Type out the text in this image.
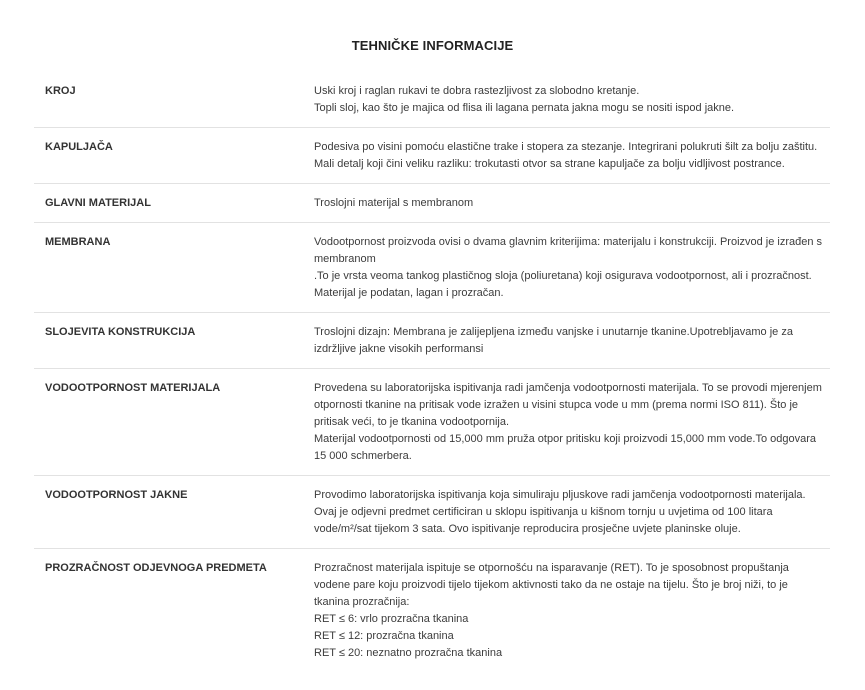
TEHNIČKE INFORMACIJE
KROJ	Uski kroj i raglan rukavi te dobra rastezljivost za slobodno kretanje.
Topli sloj, kao što je majica od flisa ili lagana pernata jakna mogu se nositi ispod jakne.
KAPULJAČA	Podesiva po visini pomoću elastične trake i stopera za stezanje. Integrirani polukruti šilt za bolju zaštitu.
Mali detalj koji čini veliku razliku: trokutasti otvor sa strane kapuljače za bolju vidljivost postrance.
GLAVNI MATERIJAL	Troslojni materijal s membranom
MEMBRANA	Vodootpornost proizvoda ovisi o dvama glavnim kriterijima: materijalu i konstrukciji. Proizvod je izrađen s membranom
.To je vrsta veoma tankog plastičnog sloja (poliuretana) koji osigurava vodootpornost, ali i prozračnost. Materijal je podatan, lagan i prozračan.
SLOJEVITA KONSTRUKCIJA	Troslojni dizajn: Membrana je zalijepljena između vanjske i unutarnje tkanine.Upotrebljavamo je za izdržljive jakne visokih performansi
VODOOTPORNOST MATERIJALA	Provedena su laboratorijska ispitivanja radi jamčenja vodootpornosti materijala. To se provodi mjerenjem otpornosti tkanine na pritisak vode izražen u visini stupca vode u mm (prema normi ISO 811). Što je pritisak veći, to je tkanina vodootpornija.
Materijal vodootpornosti od 15,000 mm pruža otpor pritisku koji proizvodi 15,000 mm vode.To odgovara 15 000 schmerbera.
VODOOTPORNOST JAKNE	Provodimo laboratorijska ispitivanja koja simuliraju pljuskove radi jamčenja vodootpornosti materijala. Ovaj je odjevni predmet certificiran u sklopu ispitivanja u kišnom tornju u uvjetima od 100 litara vode/m²/sat tijekom 3 sata. Ovo ispitivanje reproducira prosječne uvjete planinske oluje.
PROZRAČNOST ODJEVNOGA PREDMETA	Prozračnost materijala ispituje se otpornošću na isparavanje (RET). To je sposobnost propuštanja vodene pare koju proizvodi tijelo tijekom aktivnosti tako da ne ostaje na tijelu. Što je broj niži, to je tkanina prozračnija:
RET ≤ 6: vrlo prozračna tkanina
RET ≤ 12: prozračna tkanina
RET ≤ 20: neznatno prozračna tkanina
